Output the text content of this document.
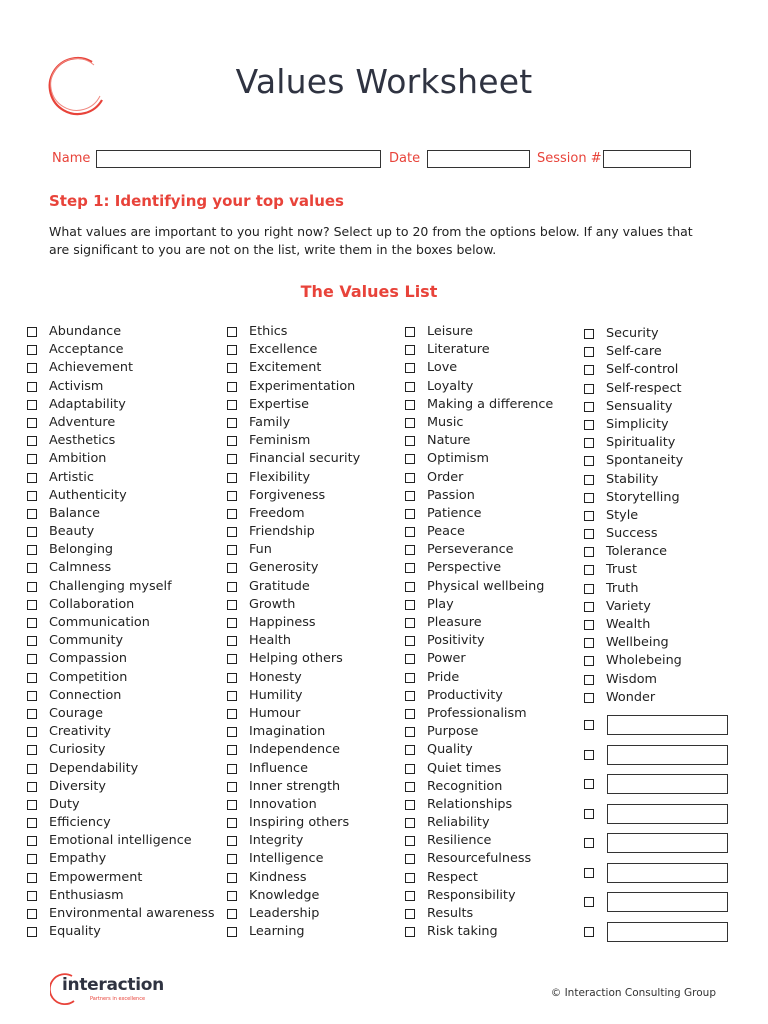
Values Worksheet
Name	Date	Session #
Step 1: Identifying your top values

What values are important to you right now? Select up to 20 from the options below. If any values that are significant to you are not on the list, write them in the boxes below.

The Values List
Abundance
Acceptance
Achievement
Activism
Adaptability
Adventure
Aesthetics
Ambition
Artistic
Authenticity
Balance
Beauty
Belonging
Calmness
Challenging myself
Collaboration
Communication
Community
Compassion
Competition
Connection
Courage
Creativity
Curiosity
Dependability
Diversity
Duty
Efficiency
Emotional intelligence
Empathy
Empowerment
Enthusiasm
Environmental awareness
Equality
Ethics
Excellence
Excitement
Experimentation
Expertise
Family
Feminism
Financial security
Flexibility
Forgiveness
Freedom
Friendship
Fun
Generosity
Gratitude
Growth
Happiness
Health
Helping others
Honesty
Humility
Humour
Imagination
Independence
Influence
Inner strength
Innovation
Inspiring others
Integrity
Intelligence
Kindness
Knowledge
Leadership
Learning
Leisure
Literature
Love
Loyalty
Making a difference
Music
Nature
Optimism
Order
Passion
Patience
Peace
Perseverance
Perspective
Physical wellbeing
Play
Pleasure
Positivity
Power
Pride
Productivity
Professionalism
Purpose
Quality
Quiet times
Recognition
Relationships
Reliability
Resilience
Resourcefulness
Respect
Responsibility
Results
Risk taking
Security
Self-care
Self-control
Self-respect
Sensuality
Simplicity
Spirituality
Spontaneity
Stability
Storytelling
Style
Success
Tolerance
Trust
Truth
Variety
Wealth
Wellbeing
Wholebeing
Wisdom
Wonder
interaction
Partners in excellence	© Interaction Consulting Group
